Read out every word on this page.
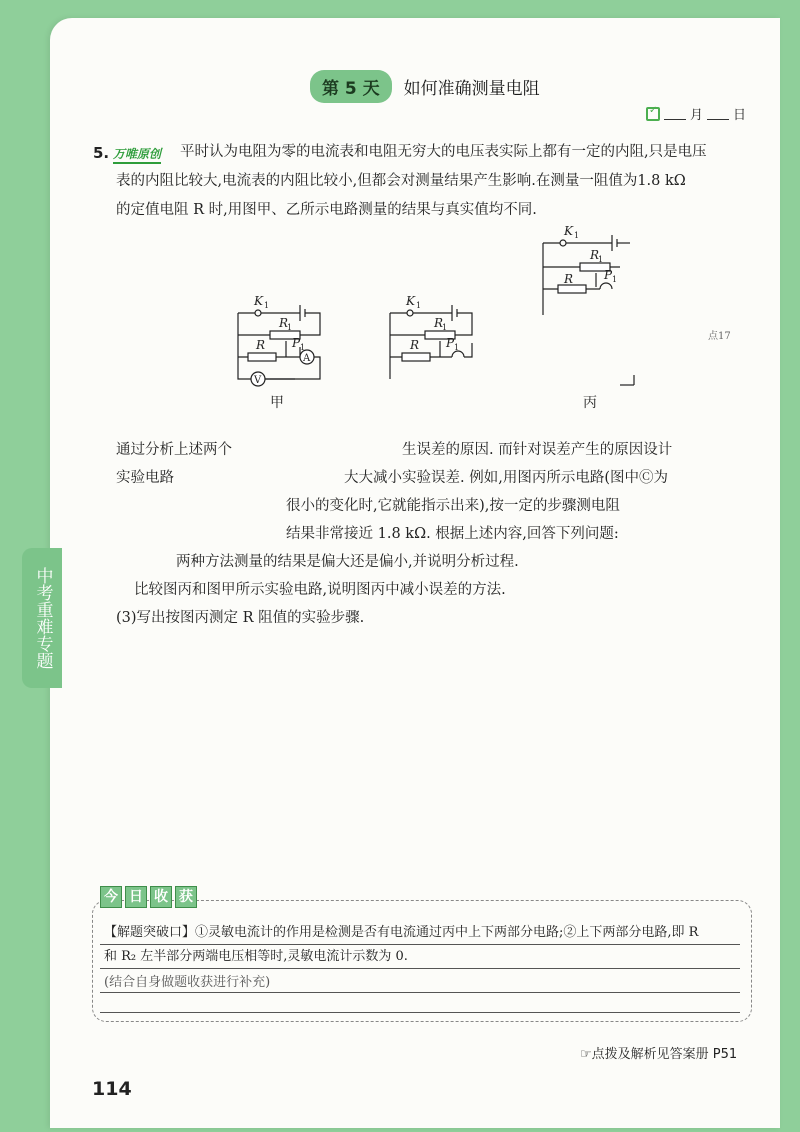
中考重难专题
第 5 天	如何准确测量电阻
✓
月 日
5. 万唯原创 平时认为电阻为零的电流表和电阻无穷大的电压表实际上都有一定的内阻,只是电压
表的内阻比较大,电流表的内阻比较小,但都会对测量结果产生影响.在测量一阻值为1.8 kΩ
的定值电阻 R 时,用图甲、乙所示电路测量的结果与真实值均不同.
K 1
R
1
P 1
R
A
V
K 1
R
1
P 1
R
K 1
R
1
P 1
R
点17
甲	丙
通过分析上述两个	生误差的原因. 而针对误差产生的原因设计
实验电路	大大减小实验误差. 例如,用图丙所示电路(图中Ⓒ为
很小的变化时,它就能指示出来),按一定的步骤测电阻
结果非常接近 1.8 kΩ. 根据上述内容,回答下列问题:
两种方法测量的结果是偏大还是偏小,并说明分析过程.
比较图丙和图甲所示实验电路,说明图丙中减小误差的方法.
(3)写出按图丙测定 R 阻值的实验步骤.
今 日 收 获
【解题突破口】①灵敏电流计的作用是检测是否有电流通过丙中上下两部分电路;②上下两部分电路,即 R
和 R₂ 左半部分两端电压相等时,灵敏电流计示数为 0.
(结合自身做题收获进行补充)
☞点拨及解析见答案册 P51
114
